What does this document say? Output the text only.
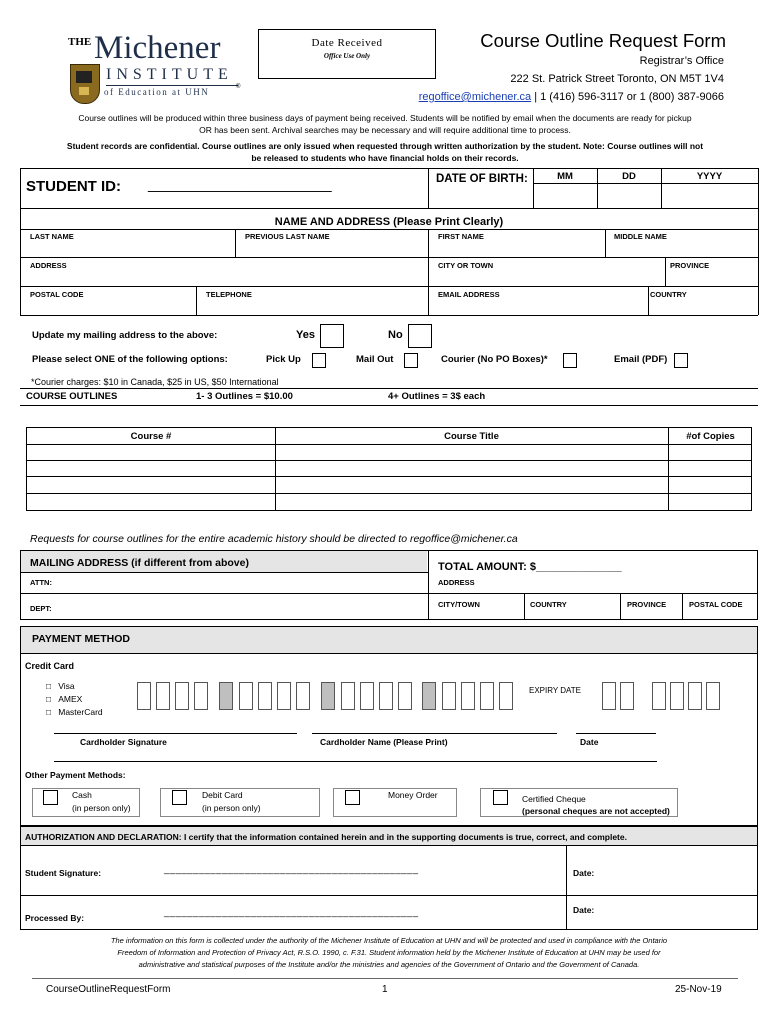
THE Michener
INSTITUTE
of Education at UHN	®
Date Received
Office Use Only
Course Outline Request Form
Registrar’s Office
222 St. Patrick Street Toronto, ON M5T 1V4
regoffice@michener.ca | 1 (416) 596-3117 or 1 (800) 387-9066
Course outlines will be produced within three business days of payment being received. Students will be notified by email when the documents are ready for pickup
OR has been sent. Archival searches may be necessary and will require additional time to process.
Student records are confidential. Course outlines are only issued when requested through written authorization by the student. Note: Course outlines will not
be released to students who have financial holds on their records.
STUDENT ID: ______________________	DATE OF BIRTH:	MM	DD	YYYY
NAME AND ADDRESS (Please Print Clearly)
LAST NAME	PREVIOUS LAST NAME	FIRST NAME	MIDDLE NAME
ADDRESS	CITY OR TOWN	PROVINCE
POSTAL CODE	TELEPHONE	EMAIL ADDRESS	COUNTRY
Update my mailing address to the above:	Yes	No
Please select ONE of the following options:	Pick Up	Mail Out	Courier (No PO Boxes)*	Email (PDF)
*Courier charges: $10 in Canada, $25 in US, $50 International
COURSE OUTLINES	1- 3 Outlines = $10.00	4+ Outlines = 3$ each
Course #	Course Title	#of Copies
Requests for course outlines for the entire academic history should be directed to regoffice@michener.ca
MAILING ADDRESS (if different from above)	TOTAL AMOUNT: $______________
ATTN:	ADDRESS
DEPT:	CITY/TOWN	COUNTRY	PROVINCE	POSTAL CODE
PAYMENT METHOD
Credit Card
□ Visa
□ AMEX
□ MasterCard
EXPIRY DATE
Cardholder Signature	Cardholder Name (Please Print)	Date
Other Payment Methods:
Cash
(in person only)
Debit Card
(in person only)
Money Order	Certified Cheque
(personal cheques are not accepted)
AUTHORIZATION AND DECLARATION: I certify that the information contained herein and in the supporting documents is true, correct, and complete.
Student Signature:	____________________________________________	Date:
Processed By:	____________________________________________	Date:
The information on this form is collected under the authority of the Michener Institute of Education at UHN and will be protected and used in compliance with the Ontario
Freedom of Information and Protection of Privacy Act, R.S.O. 1990, c. F.31. Student information held by the Michener Institute of Education at UHN may be used for
administrative and statistical purposes of the Institute and/or the ministries and agencies of the Government of Ontario and the Government of Canada.
CourseOutlineRequestForm	1	25-Nov-19
